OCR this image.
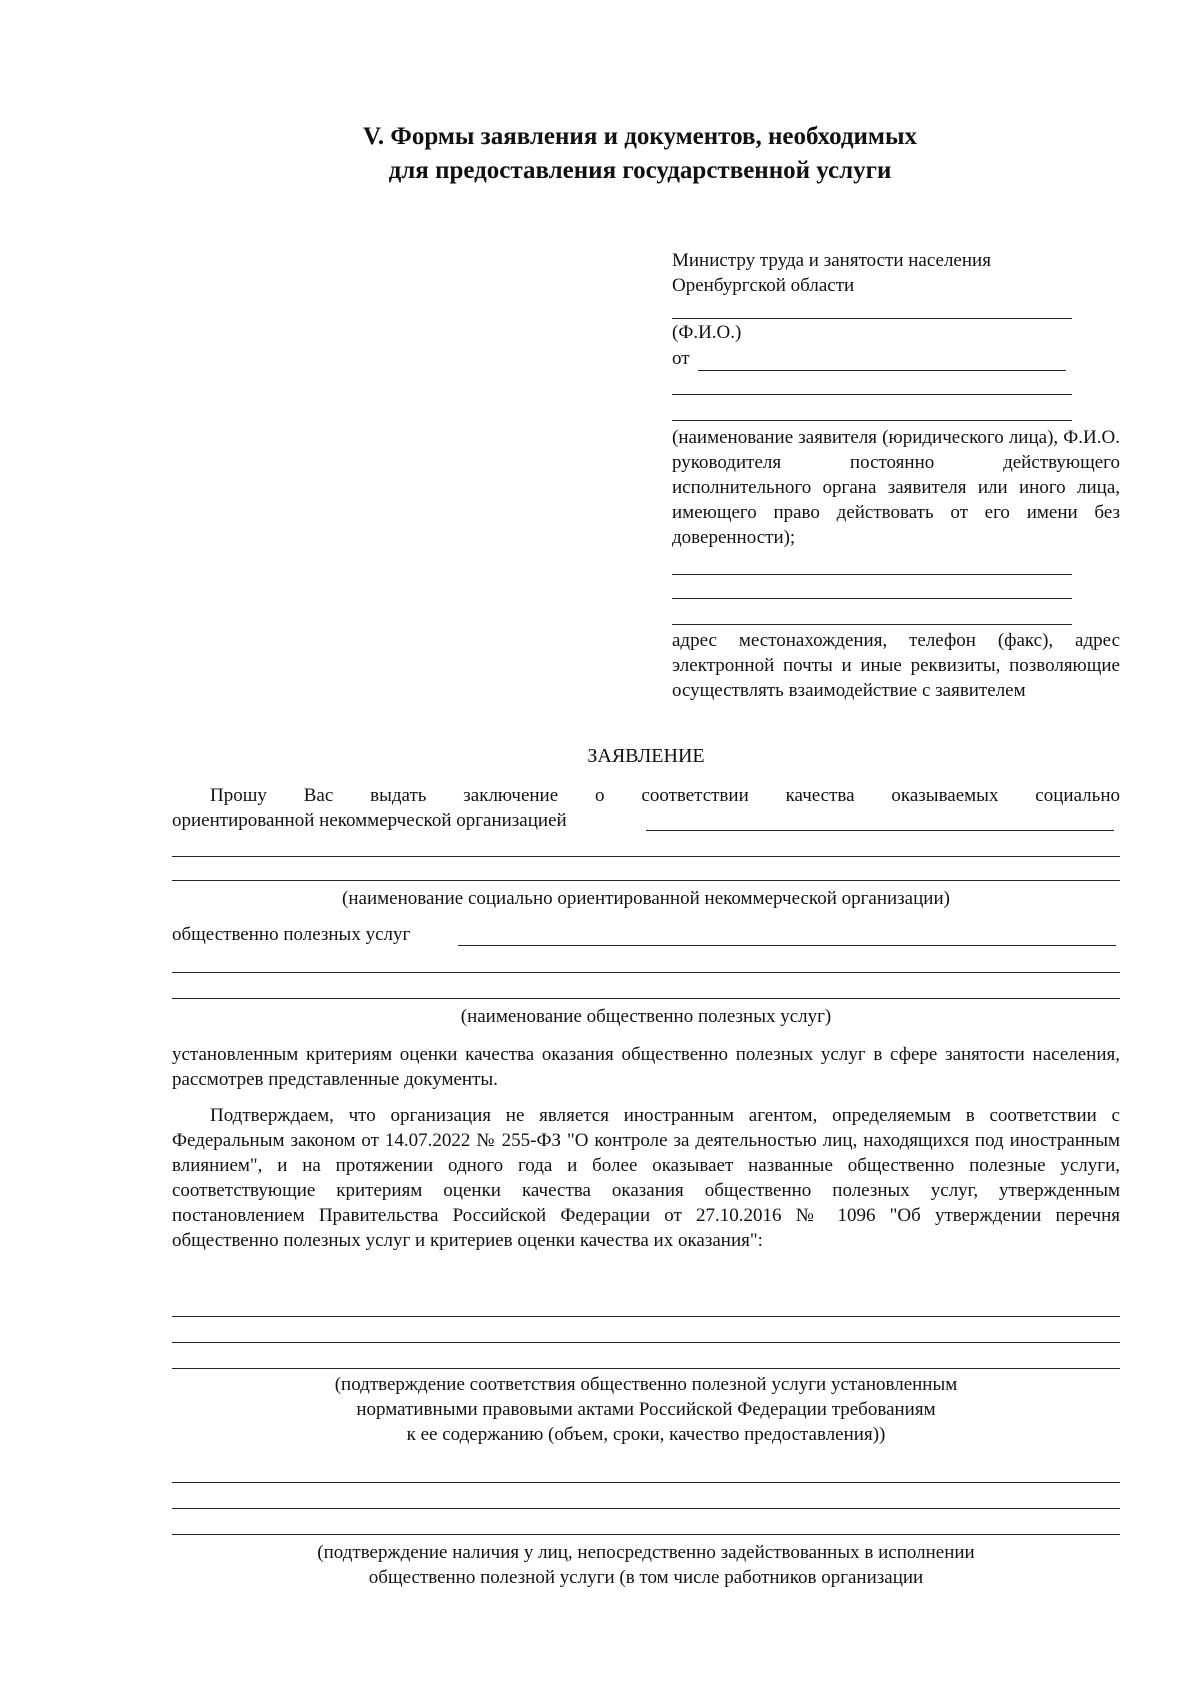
V. Формы заявления и документов, необходимых
для предоставления государственной услуги
Министру труда и занятости населения
Оренбургской области
(Ф.И.О.)
от
(наименование заявителя (юридического лица), Ф.И.О. руководителя постоянно действующего исполнительного органа заявителя или иного лица, имеющего право действовать от его имени без доверенности);
адрес местонахождения, телефон (факс), адрес электронной почты и иные реквизиты, позволяющие осуществлять взаимодействие с заявителем
ЗАЯВЛЕНИЕ
Прошу Вас выдать заключение о соответствии качества оказываемых социально
ориентированной некоммерческой организацией
(наименование социально ориентированной некоммерческой организации)
общественно полезных услуг
(наименование общественно полезных услуг)
установленным критериям оценки качества оказания общественно полезных услуг в сфере занятости населения, рассмотрев представленные документы.
Подтверждаем, что организация не является иностранным агентом, определяемым в соответствии с Федеральным законом от 14.07.2022 № 255-ФЗ "О контроле за деятельностью лиц, находящихся под иностранным влиянием", и на протяжении одного года и более оказывает названные общественно полезные услуги, соответствующие критериям оценки качества оказания общественно полезных услуг, утвержденным постановлением Правительства Российской Федерации от 27.10.2016 № 1096 "Об утверждении перечня общественно полезных услуг и критериев оценки качества их оказания":
(подтверждение соответствия общественно полезной услуги установленным
нормативными правовыми актами Российской Федерации требованиям
к ее содержанию (объем, сроки, качество предоставления))
(подтверждение наличия у лиц, непосредственно задействованных в исполнении
общественно полезной услуги (в том числе работников организации
